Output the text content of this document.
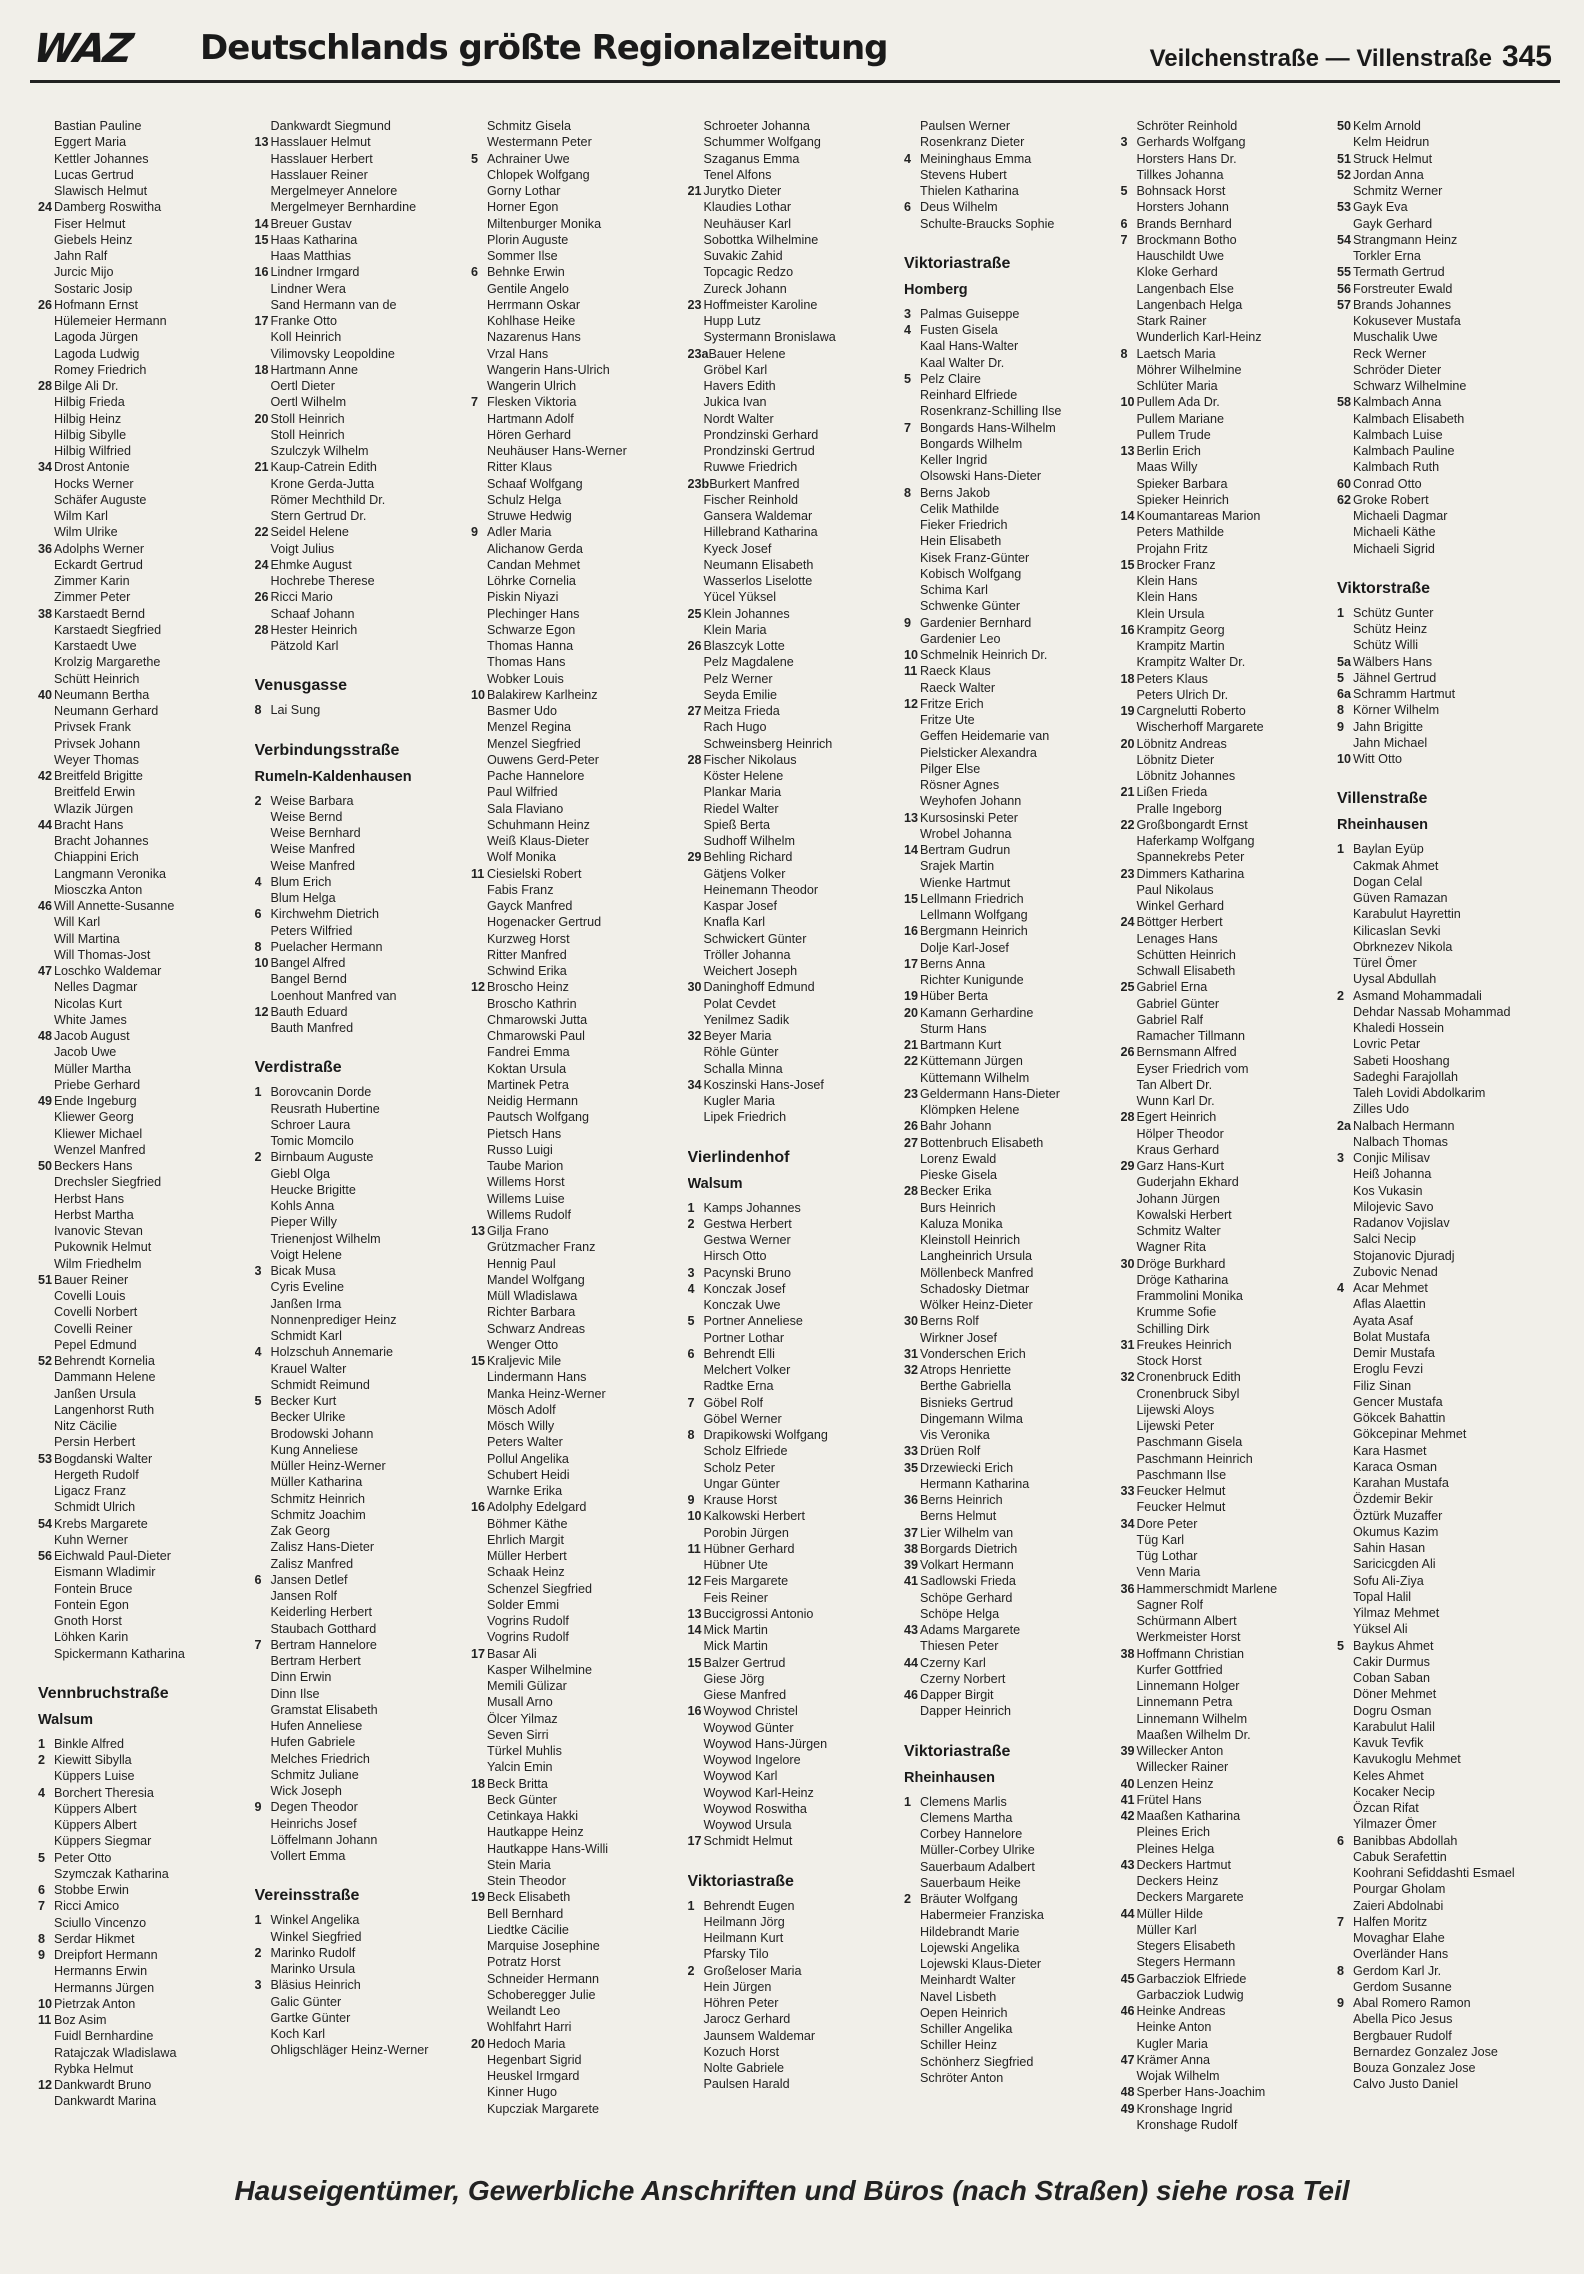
WAZ Deutschlands größte Regionalzeitung	Veilchenstraße — Villenstraße 345
Bastian Pauline
Eggert Maria
Kettler Johannes
Lucas Gertrud
Slawisch Helmut
24 Damberg Roswitha
Fiser Helmut
Giebels Heinz
Jahn Ralf
Jurcic Mijo
Sostaric Josip
26 Hofmann Ernst
Hülemeier Hermann
Lagoda Jürgen
Lagoda Ludwig
Romey Friedrich
28 Bilge Ali Dr.
Hilbig Frieda
Hilbig Heinz
Hilbig Sibylle
Hilbig Wilfried
34 Drost Antonie
Hocks Werner
Schäfer Auguste
Wilm Karl
Wilm Ulrike
36 Adolphs Werner
Eckardt Gertrud
Zimmer Karin
Zimmer Peter
38 Karstaedt Bernd
Karstaedt Siegfried
Karstaedt Uwe
Krolzig Margarethe
Schütt Heinrich
40 Neumann Bertha
Neumann Gerhard
Privsek Frank
Privsek Johann
Weyer Thomas
42 Breitfeld Brigitte
Breitfeld Erwin
Wlazik Jürgen
44 Bracht Hans
Bracht Johannes
Chiappini Erich
Langmann Veronika
Miosczka Anton
46 Will Annette-Susanne
Will Karl
Will Martina
Will Thomas-Jost
47 Loschko Waldemar
Nelles Dagmar
Nicolas Kurt
White James
48 Jacob August
Jacob Uwe
Müller Martha
Priebe Gerhard
49 Ende Ingeburg
Kliewer Georg
Kliewer Michael
Wenzel Manfred
50 Beckers Hans
Drechsler Siegfried
Herbst Hans
Herbst Martha
Ivanovic Stevan
Pukownik Helmut
Wilm Friedhelm
51 Bauer Reiner
Covelli Louis
Covelli Norbert
Covelli Reiner
Pepel Edmund
52 Behrendt Kornelia
Dammann Helene
Janßen Ursula
Langenhorst Ruth
Nitz Cäcilie
Persin Herbert
53 Bogdanski Walter
Hergeth Rudolf
Ligacz Franz
Schmidt Ulrich
54 Krebs Margarete
Kuhn Werner
56 Eichwald Paul-Dieter
Eismann Wladimir
Fontein Bruce
Fontein Egon
Gnoth Horst
Löhken Karin
Spickermann Katharina
Vennbruchstraße
Walsum
1 Binkle Alfred
2 Kiewitt Sibylla
Küppers Luise
4 Borchert Theresia
Küppers Albert
Küppers Albert
Küppers Siegmar
5 Peter Otto
Szymczak Katharina
6 Stobbe Erwin
7 Ricci Amico
Sciullo Vincenzo
8 Serdar Hikmet
9 Dreipfort Hermann
Hermanns Erwin
Hermanns Jürgen
10 Pietrzak Anton
11 Boz Asim
Fuidl Bernhardine
Ratajczak Wladislawa
Rybka Helmut
12 Dankwardt Bruno
Dankwardt Marina
Dankwardt Siegmund
13 Hasslauer Helmut
Hasslauer Herbert
Hasslauer Reiner
Mergelmeyer Annelore
Mergelmeyer Bernhardine
14 Breuer Gustav
15 Haas Katharina
Haas Matthias
16 Lindner Irmgard
Lindner Wera
Sand Hermann van de
17 Franke Otto
Koll Heinrich
Vilimovsky Leopoldine
18 Hartmann Anne
Oertl Dieter
Oertl Wilhelm
20 Stoll Heinrich
Stoll Heinrich
Szulczyk Wilhelm
21 Kaup-Catrein Edith
Krone Gerda-Jutta
Römer Mechthild Dr.
Stern Gertrud Dr.
22 Seidel Helene
Voigt Julius
24 Ehmke August
Hochrebe Therese
26 Ricci Mario
Schaaf Johann
28 Hester Heinrich
Pätzold Karl
Venusgasse
8 Lai Sung
Verbindungsstraße
Rumeln-Kaldenhausen
2 Weise Barbara
Weise Bernd
Weise Bernhard
Weise Manfred
Weise Manfred
4 Blum Erich
Blum Helga
6 Kirchwehm Dietrich
Peters Wilfried
8 Puelacher Hermann
10 Bangel Alfred
Bangel Bernd
Loenhout Manfred van
12 Bauth Eduard
Bauth Manfred
Verdistraße
1 Borovcanin Dorde
Reusrath Hubertine
Schroer Laura
Tomic Momcilo
2 Birnbaum Auguste
Giebl Olga
Heucke Brigitte
Kohls Anna
Pieper Willy
Trienenjost Wilhelm
Voigt Helene
3 Bicak Musa
Cyris Eveline
Janßen Irma
Nonnenprediger Heinz
Schmidt Karl
4 Holzschuh Annemarie
Krauel Walter
Schmidt Reimund
5 Becker Kurt
Becker Ulrike
Brodowski Johann
Kung Anneliese
Müller Heinz-Werner
Müller Katharina
Schmitz Heinrich
Schmitz Joachim
Zak Georg
Zalisz Hans-Dieter
Zalisz Manfred
6 Jansen Detlef
Jansen Rolf
Keiderling Herbert
Staubach Gotthard
7 Bertram Hannelore
Bertram Herbert
Dinn Erwin
Dinn Ilse
Gramstat Elisabeth
Hufen Anneliese
Hufen Gabriele
Melches Friedrich
Schmitz Juliane
Wick Joseph
9 Degen Theodor
Heinrichs Josef
Löffelmann Johann
Vollert Emma
Vereinsstraße
1 Winkel Angelika
Winkel Siegfried
2 Marinko Rudolf
Marinko Ursula
3 Bläsius Heinrich
Galic Günter
Gartke Günter
Koch Karl
Ohligschläger Heinz-Werner
Schmitz Gisela
Westermann Peter
5 Achrainer Uwe
Chlopek Wolfgang
Gorny Lothar
Horner Egon
Miltenburger Monika
Plorin Auguste
Sommer Ilse
6 Behnke Erwin
Gentile Angelo
Herrmann Oskar
Kohlhase Heike
Nazarenus Hans
Vrzal Hans
Wangerin Hans-Ulrich
Wangerin Ulrich
7 Flesken Viktoria
Hartmann Adolf
Hören Gerhard
Neuhäuser Hans-Werner
Ritter Klaus
Schaaf Wolfgang
Schulz Helga
Struwe Hedwig
9 Adler Maria
Alichanow Gerda
Candan Mehmet
Löhrke Cornelia
Piskin Niyazi
Plechinger Hans
Schwarze Egon
Thomas Hanna
Thomas Hans
Wobker Louis
10 Balakirew Karlheinz
Basmer Udo
Menzel Regina
Menzel Siegfried
Ouwens Gerd-Peter
Pache Hannelore
Paul Wilfried
Sala Flaviano
Schuhmann Heinz
Weiß Klaus-Dieter
Wolf Monika
11 Ciesielski Robert
Fabis Franz
Gayck Manfred
Hogenacker Gertrud
Kurzweg Horst
Ritter Manfred
Schwind Erika
12 Broscho Heinz
Broscho Kathrin
Chmarowski Jutta
Chmarowski Paul
Fandrei Emma
Koktan Ursula
Martinek Petra
Neidig Hermann
Pautsch Wolfgang
Pietsch Hans
Russo Luigi
Taube Marion
Willems Horst
Willems Luise
Willems Rudolf
13 Gilja Frano
Grützmacher Franz
Hennig Paul
Mandel Wolfgang
Müll Wladislawa
Richter Barbara
Schwarz Andreas
Wenger Otto
15 Kraljevic Mile
Lindermann Hans
Manka Heinz-Werner
Mösch Adolf
Mösch Willy
Peters Walter
Pollul Angelika
Schubert Heidi
Warnke Erika
16 Adolphy Edelgard
Böhmer Käthe
Ehrlich Margit
Müller Herbert
Schaak Heinz
Schenzel Siegfried
Solder Emmi
Vogrins Rudolf
Vogrins Rudolf
17 Basar Ali
Kasper Wilhelmine
Memili Gülizar
Musall Arno
Ölcer Yilmaz
Seven Sirri
Türkel Muhlis
Yalcin Emin
18 Beck Britta
Beck Günter
Cetinkaya Hakki
Hautkappe Heinz
Hautkappe Hans-Willi
Stein Maria
Stein Theodor
19 Beck Elisabeth
Bell Bernhard
Liedtke Cäcilie
Marquise Josephine
Potratz Horst
Schneider Hermann
Schoberegger Julie
Weilandt Leo
Wohlfahrt Harri
20 Hedoch Maria
Hegenbart Sigrid
Heuskel Irmgard
Kinner Hugo
Kupcziak Margarete
Schroeter Johanna
Schummer Wolfgang
Szaganus Emma
Tenel Alfons
21 Jurytko Dieter
Klaudies Lothar
Neuhäuser Karl
Sobottka Wilhelmine
Suvakic Zahid
Topcagic Redzo
Zureck Johann
23 Hoffmeister Karoline
Hupp Lutz
Systermann Bronislawa
23aBauer Helene
Gröbel Karl
Havers Edith
Jukica Ivan
Nordt Walter
Prondzinski Gerhard
Prondzinski Gertrud
Ruwwe Friedrich
23bBurkert Manfred
Fischer Reinhold
Gansera Waldemar
Hillebrand Katharina
Kyeck Josef
Neumann Elisabeth
Wasserlos Liselotte
Yücel Yüksel
25 Klein Johannes
Klein Maria
26 Blaszcyk Lotte
Pelz Magdalene
Pelz Werner
Seyda Emilie
27 Meitza Frieda
Rach Hugo
Schweinsberg Heinrich
28 Fischer Nikolaus
Köster Helene
Plankar Maria
Riedel Walter
Spieß Berta
Sudhoff Wilhelm
29 Behling Richard
Gätjens Volker
Heinemann Theodor
Kaspar Josef
Knafla Karl
Schwickert Günter
Tröller Johanna
Weichert Joseph
30 Daninghoff Edmund
Polat Cevdet
Yenilmez Sadik
32 Beyer Maria
Röhle Günter
Schalla Minna
34 Koszinski Hans-Josef
Kugler Maria
Lipek Friedrich
Vierlindenhof
Walsum
1 Kamps Johannes
2 Gestwa Herbert
Gestwa Werner
Hirsch Otto
3 Pacynski Bruno
4 Konczak Josef
Konczak Uwe
5 Portner Anneliese
Portner Lothar
6 Behrendt Elli
Melchert Volker
Radtke Erna
7 Göbel Rolf
Göbel Werner
8 Drapikowski Wolfgang
Scholz Elfriede
Scholz Peter
Ungar Günter
9 Krause Horst
10 Kalkowski Herbert
Porobin Jürgen
11 Hübner Gerhard
Hübner Ute
12 Feis Margarete
Feis Reiner
13 Buccigrossi Antonio
14 Mick Martin
Mick Martin
15 Balzer Gertrud
Giese Jörg
Giese Manfred
16 Woywod Christel
Woywod Günter
Woywod Hans-Jürgen
Woywod Ingelore
Woywod Karl
Woywod Karl-Heinz
Woywod Roswitha
Woywod Ursula
17 Schmidt Helmut
Viktoriastraße
1 Behrendt Eugen
Heilmann Jörg
Heilmann Kurt
Pfarsky Tilo
2 Großeloser Maria
Hein Jürgen
Höhren Peter
Jarocz Gerhard
Jaunsem Waldemar
Kozuch Horst
Nolte Gabriele
Paulsen Harald
Paulsen Werner
Rosenkranz Dieter
4 Meininghaus Emma
Stevens Hubert
Thielen Katharina
6 Deus Wilhelm
Schulte-Braucks Sophie
Viktoriastraße
Homberg
3 Palmas Guiseppe
4 Fusten Gisela
Kaal Hans-Walter
Kaal Walter Dr.
5 Pelz Claire
Reinhard Elfriede
Rosenkranz-Schilling Ilse
7 Bongards Hans-Wilhelm
Bongards Wilhelm
Keller Ingrid
Olsowski Hans-Dieter
8 Berns Jakob
Celik Mathilde
Fieker Friedrich
Hein Elisabeth
Kisek Franz-Günter
Kobisch Wolfgang
Schima Karl
Schwenke Günter
9 Gardenier Bernhard
Gardenier Leo
10 Schmelnik Heinrich Dr.
11 Raeck Klaus
Raeck Walter
12 Fritze Erich
Fritze Ute
Geffen Heidemarie van
Pielsticker Alexandra
Pilger Else
Rösner Agnes
Weyhofen Johann
13 Kursosinski Peter
Wrobel Johanna
14 Bertram Gudrun
Srajek Martin
Wienke Hartmut
15 Lellmann Friedrich
Lellmann Wolfgang
16 Bergmann Heinrich
Dolje Karl-Josef
17 Berns Anna
Richter Kunigunde
19 Hüber Berta
20 Kamann Gerhardine
Sturm Hans
21 Bartmann Kurt
22 Küttemann Jürgen
Küttemann Wilhelm
23 Geldermann Hans-Dieter
Klömpken Helene
26 Bahr Johann
27 Bottenbruch Elisabeth
Lorenz Ewald
Pieske Gisela
28 Becker Erika
Burs Heinrich
Kaluza Monika
Kleinstoll Heinrich
Langheinrich Ursula
Möllenbeck Manfred
Schadosky Dietmar
Wölker Heinz-Dieter
30 Berns Rolf
Wirkner Josef
31 Vonderschen Erich
32 Atrops Henriette
Berthe Gabriella
Bisnieks Gertrud
Dingemann Wilma
Vis Veronika
33 Drüen Rolf
35 Drzewiecki Erich
Hermann Katharina
36 Berns Heinrich
Berns Helmut
37 Lier Wilhelm van
38 Borgards Dietrich
39 Volkart Hermann
41 Sadlowski Frieda
Schöpe Gerhard
Schöpe Helga
43 Adams Margarete
Thiesen Peter
44 Czerny Karl
Czerny Norbert
46 Dapper Birgit
Dapper Heinrich
Viktoriastraße
Rheinhausen
1 Clemens Marlis
Clemens Martha
Corbey Hannelore
Müller-Corbey Ulrike
Sauerbaum Adalbert
Sauerbaum Heike
2 Bräuter Wolfgang
Habermeier Franziska
Hildebrandt Marie
Lojewski Angelika
Lojewski Klaus-Dieter
Meinhardt Walter
Navel Lisbeth
Oepen Heinrich
Schiller Angelika
Schiller Heinz
Schönherz Siegfried
Schröter Anton
Schröter Reinhold
3 Gerhards Wolfgang
Horsters Hans Dr.
Tillkes Johanna
5 Bohnsack Horst
Horsters Johann
6 Brands Bernhard
7 Brockmann Botho
Hauschildt Uwe
Kloke Gerhard
Langenbach Else
Langenbach Helga
Stark Rainer
Wunderlich Karl-Heinz
8 Laetsch Maria
Möhrer Wilhelmine
Schlüter Maria
10 Pullem Ada Dr.
Pullem Mariane
Pullem Trude
13 Berlin Erich
Maas Willy
Spieker Barbara
Spieker Heinrich
14 Koumantareas Marion
Peters Mathilde
Projahn Fritz
15 Brocker Franz
Klein Hans
Klein Hans
Klein Ursula
16 Krampitz Georg
Krampitz Martin
Krampitz Walter Dr.
18 Peters Klaus
Peters Ulrich Dr.
19 Cargnelutti Roberto
Wischerhoff Margarete
20 Löbnitz Andreas
Löbnitz Dieter
Löbnitz Johannes
21 Lißen Frieda
Pralle Ingeborg
22 Großbongardt Ernst
Haferkamp Wolfgang
Spannekrebs Peter
23 Dimmers Katharina
Paul Nikolaus
Winkel Gerhard
24 Böttger Herbert
Lenages Hans
Schütten Heinrich
Schwall Elisabeth
25 Gabriel Erna
Gabriel Günter
Gabriel Ralf
Ramacher Tillmann
26 Bernsmann Alfred
Eyser Friedrich vom
Tan Albert Dr.
Wunn Karl Dr.
28 Egert Heinrich
Hölper Theodor
Kraus Gerhard
29 Garz Hans-Kurt
Guderjahn Ekhard
Johann Jürgen
Kowalski Herbert
Schmitz Walter
Wagner Rita
30 Dröge Burkhard
Dröge Katharina
Frammolini Monika
Krumme Sofie
Schilling Dirk
31 Freukes Heinrich
Stock Horst
32 Cronenbruck Edith
Cronenbruck Sibyl
Lijewski Aloys
Lijewski Peter
Paschmann Gisela
Paschmann Heinrich
Paschmann Ilse
33 Feucker Helmut
Feucker Helmut
34 Dore Peter
Tüg Karl
Tüg Lothar
Venn Maria
36 Hammerschmidt Marlene
Sagner Rolf
Schürmann Albert
Werkmeister Horst
38 Hoffmann Christian
Kurfer Gottfried
Linnemann Holger
Linnemann Petra
Linnemann Wilhelm
Maaßen Wilhelm Dr.
39 Willecker Anton
Willecker Rainer
40 Lenzen Heinz
41 Frütel Hans
42 Maaßen Katharina
Pleines Erich
Pleines Helga
43 Deckers Hartmut
Deckers Heinz
Deckers Margarete
44 Müller Hilde
Müller Karl
Stegers Elisabeth
Stegers Hermann
45 Garbacziok Elfriede
Garbacziok Ludwig
46 Heinke Andreas
Heinke Anton
Kugler Maria
47 Krämer Anna
Wojak Wilhelm
48 Sperber Hans-Joachim
49 Kronshage Ingrid
Kronshage Rudolf
50 Kelm Arnold
Kelm Heidrun
51 Struck Helmut
52 Jordan Anna
Schmitz Werner
53 Gayk Eva
Gayk Gerhard
54 Strangmann Heinz
Torkler Erna
55 Termath Gertrud
56 Forstreuter Ewald
57 Brands Johannes
Kokusever Mustafa
Muschalik Uwe
Reck Werner
Schröder Dieter
Schwarz Wilhelmine
58 Kalmbach Anna
Kalmbach Elisabeth
Kalmbach Luise
Kalmbach Pauline
Kalmbach Ruth
60 Conrad Otto
62 Groke Robert
Michaeli Dagmar
Michaeli Käthe
Michaeli Sigrid
Viktorstraße
1 Schütz Gunter
Schütz Heinz
Schütz Willi
5a Wälbers Hans
5 Jähnel Gertrud
6a Schramm Hartmut
8 Körner Wilhelm
9 Jahn Brigitte
Jahn Michael
10 Witt Otto
Villenstraße
Rheinhausen
1 Baylan Eyüp
Cakmak Ahmet
Dogan Celal
Güven Ramazan
Karabulut Hayrettin
Kilicaslan Sevki
Obrknezev Nikola
Türel Ömer
Uysal Abdullah
2 Asmand Mohammadali
Dehdar Nassab Mohammad
Khaledi Hossein
Lovric Petar
Sabeti Hooshang
Sadeghi Farajollah
Taleh Lovidi Abdolkarim
Zilles Udo
2a Nalbach Hermann
Nalbach Thomas
3 Conjic Milisav
Heiß Johanna
Kos Vukasin
Milojevic Savo
Radanov Vojislav
Salci Necip
Stojanovic Djuradj
Zubovic Nenad
4 Acar Mehmet
Aflas Alaettin
Ayata Asaf
Bolat Mustafa
Demir Mustafa
Eroglu Fevzi
Filiz Sinan
Gencer Mustafa
Gökcek Bahattin
Gökcepinar Mehmet
Kara Hasmet
Karaca Osman
Karahan Mustafa
Özdemir Bekir
Öztürk Muzaffer
Okumus Kazim
Sahin Hasan
Saricicgden Ali
Sofu Ali-Ziya
Topal Halil
Yilmaz Mehmet
Yüksel Ali
5 Baykus Ahmet
Cakir Durmus
Coban Saban
Döner Mehmet
Dogru Osman
Karabulut Halil
Kavuk Tevfik
Kavukoglu Mehmet
Keles Ahmet
Kocaker Necip
Özcan Rifat
Yilmazer Ömer
6 Banibbas Abdollah
Cabuk Serafettin
Koohrani Sefiddashti Esmael
Pourgar Gholam
Zaieri Abdolnabi
7 Halfen Moritz
Movaghar Elahe
Overländer Hans
8 Gerdom Karl Jr.
Gerdom Susanne
9 Abal Romero Ramon
Abella Pico Jesus
Bergbauer Rudolf
Bernardez Gonzalez Jose
Bouza Gonzalez Jose
Calvo Justo Daniel
Hauseigentümer, Gewerbliche Anschriften und Büros (nach Straßen) siehe rosa Teil
